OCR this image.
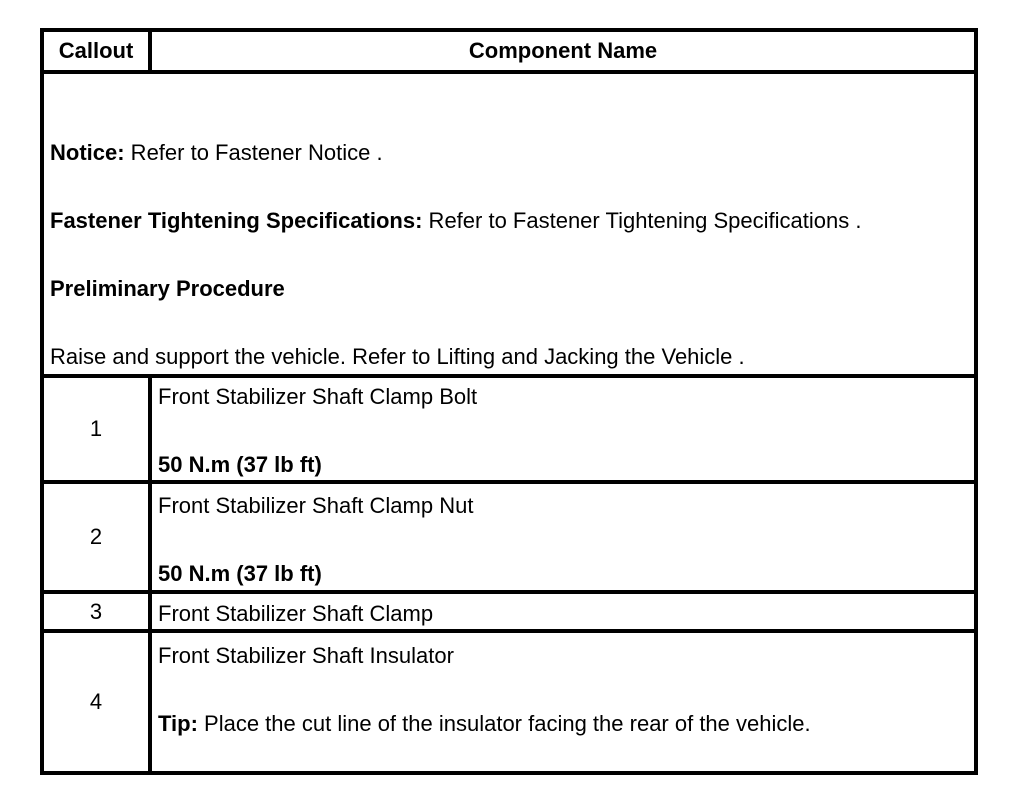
Callout	Component Name
Notice: Refer to Fastener Notice .
Fastener Tightening Specifications: Refer to Fastener Tightening Specifications .
Preliminary Procedure
Raise and support the vehicle. Refer to Lifting and Jacking the Vehicle .
1
Front Stabilizer Shaft Clamp Bolt
50 N.m (37 lb ft)
2
Front Stabilizer Shaft Clamp Nut
50 N.m (37 lb ft)
3	Front Stabilizer Shaft Clamp
4
Front Stabilizer Shaft Insulator
Tip: Place the cut line of the insulator facing the rear of the vehicle.
